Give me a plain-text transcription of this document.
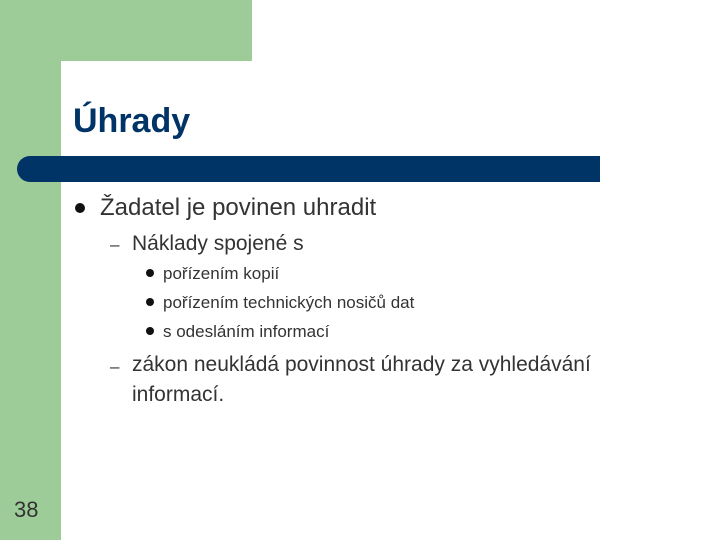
Úhrady
Žadatel je povinen uhradit
– Náklady spojené s
pořízením kopií
pořízením technických nosičů dat
s odesláním informací
– zákon neukládá povinnost úhrady za vyhledávání
informací.
38
